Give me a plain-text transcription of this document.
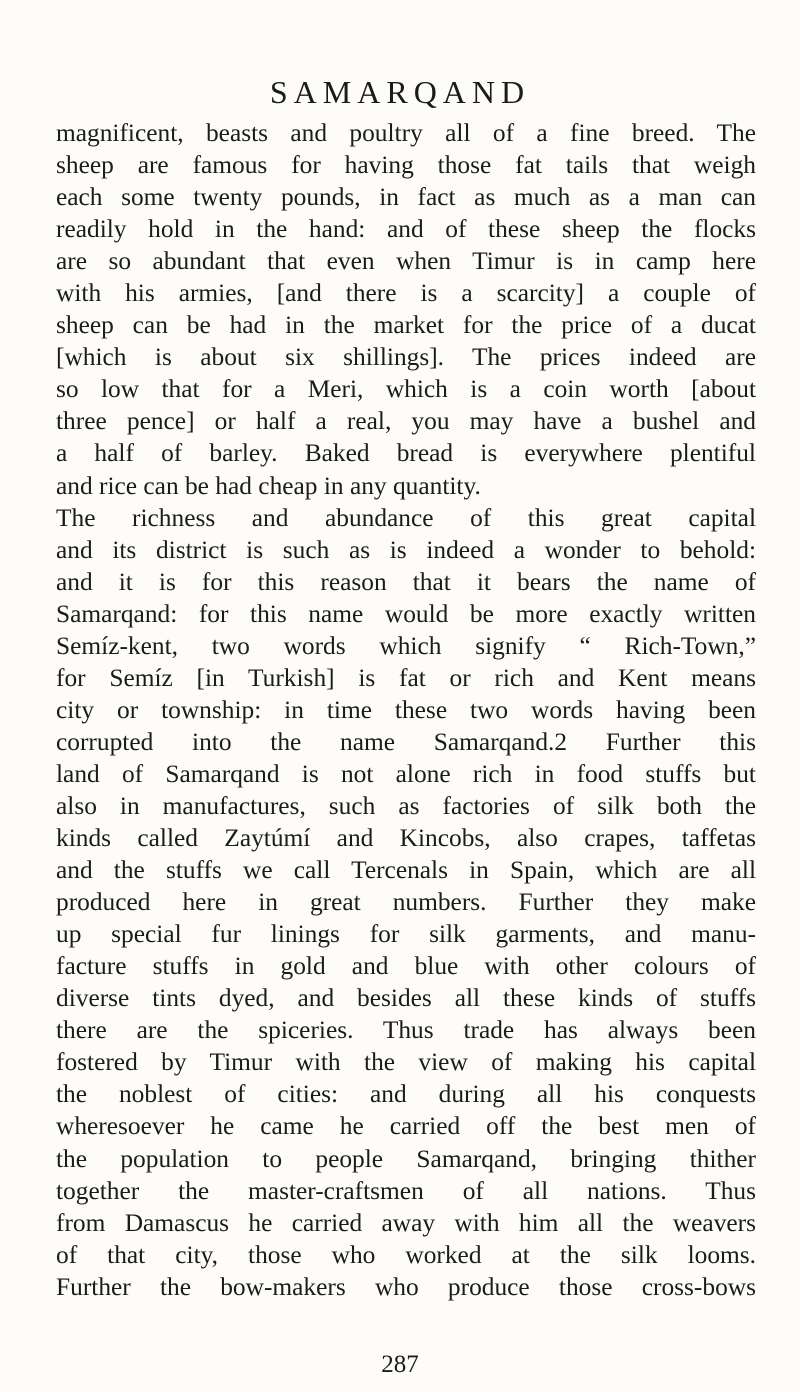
SAMARQAND
magnificent, beasts and poultry all of a fine breed. The
sheep are famous for having those fat tails that weigh
each some twenty pounds, in fact as much as a man can
readily hold in the hand: and of these sheep the flocks
are so abundant that even when Timur is in camp here
with his armies, [and there is a scarcity] a couple of
sheep can be had in the market for the price of a ducat
[which is about six shillings]. The prices indeed are
so low that for a Meri, which is a coin worth [about
three pence] or half a real, you may have a bushel and
a half of barley. Baked bread is everywhere plentiful
and rice can be had cheap in any quantity.
The richness and abundance of this great capital
and its district is such as is indeed a wonder to behold:
and it is for this reason that it bears the name of
Samarqand: for this name would be more exactly written
Semíz-kent, two words which signify “ Rich-Town,”
for Semíz [in Turkish] is fat or rich and Kent means
city or township: in time these two words having been
corrupted into the name Samarqand.2 Further this
land of Samarqand is not alone rich in food stuffs but
also in manufactures, such as factories of silk both the
kinds called Zaytúmí and Kincobs, also crapes, taffetas
and the stuffs we call Tercenals in Spain, which are all
produced here in great numbers. Further they make
up special fur linings for silk garments, and manu-
facture stuffs in gold and blue with other colours of
diverse tints dyed, and besides all these kinds of stuffs
there are the spiceries. Thus trade has always been
fostered by Timur with the view of making his capital
the noblest of cities: and during all his conquests
wheresoever he came he carried off the best men of
the population to people Samarqand, bringing thither
together the master-craftsmen of all nations. Thus
from Damascus he carried away with him all the weavers
of that city, those who worked at the silk looms.
Further the bow-makers who produce those cross-bows
287
